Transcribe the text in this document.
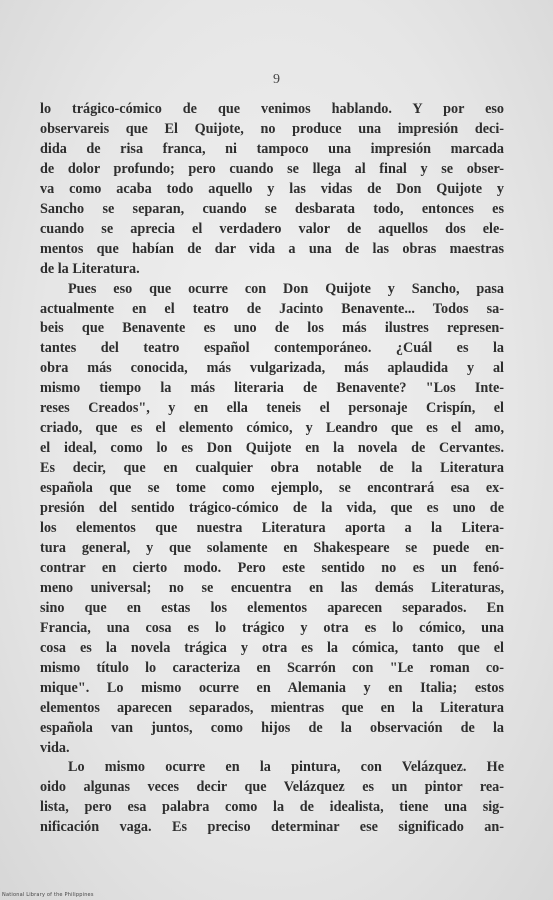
9

lo trágico-cómico de que venimos hablando. Y por eso
observareis que El Quijote, no produce una impresión deci-
dida de risa franca, ni tampoco una impresión marcada
de dolor profundo; pero cuando se llega al final y se obser-
va como acaba todo aquello y las vidas de Don Quijote y
Sancho se separan, cuando se desbarata todo, entonces es
cuando se aprecia el verdadero valor de aquellos dos ele-
mentos que habían de dar vida a una de las obras maestras
de la Literatura.

Pues eso que ocurre con Don Quijote y Sancho, pasa
actualmente en el teatro de Jacinto Benavente... Todos sa-
beis que Benavente es uno de los más ilustres represen-
tantes del teatro español contemporáneo. ¿Cuál es la
obra más conocida, más vulgarizada, más aplaudida y al
mismo tiempo la más literaria de Benavente? "Los Inte-
reses Creados", y en ella teneis el personaje Crispín, el
criado, que es el elemento cómico, y Leandro que es el amo,
el ideal, como lo es Don Quijote en la novela de Cervantes.
Es decir, que en cualquier obra notable de la Literatura
española que se tome como ejemplo, se encontrará esa ex-
presión del sentido trágico-cómico de la vida, que es uno de
los elementos que nuestra Literatura aporta a la Litera-
tura general, y que solamente en Shakespeare se puede en-
contrar en cierto modo. Pero este sentido no es un fenó-
meno universal; no se encuentra en las demás Literaturas,
sino que en estas los elementos aparecen separados. En
Francia, una cosa es lo trágico y otra es lo cómico, una
cosa es la novela trágica y otra es la cómica, tanto que el
mismo título lo caracteriza en Scarrón con "Le roman co-
mique". Lo mismo ocurre en Alemania y en Italia; estos
elementos aparecen separados, mientras que en la Literatura
española van juntos, como hijos de la observación de la
vida.

Lo mismo ocurre en la pintura, con Velázquez. He
oido algunas veces decir que Velázquez es un pintor rea-
lista, pero esa palabra como la de idealista, tiene una sig-
nificación vaga. Es preciso determinar ese significado an-

National Library of the Philippines
